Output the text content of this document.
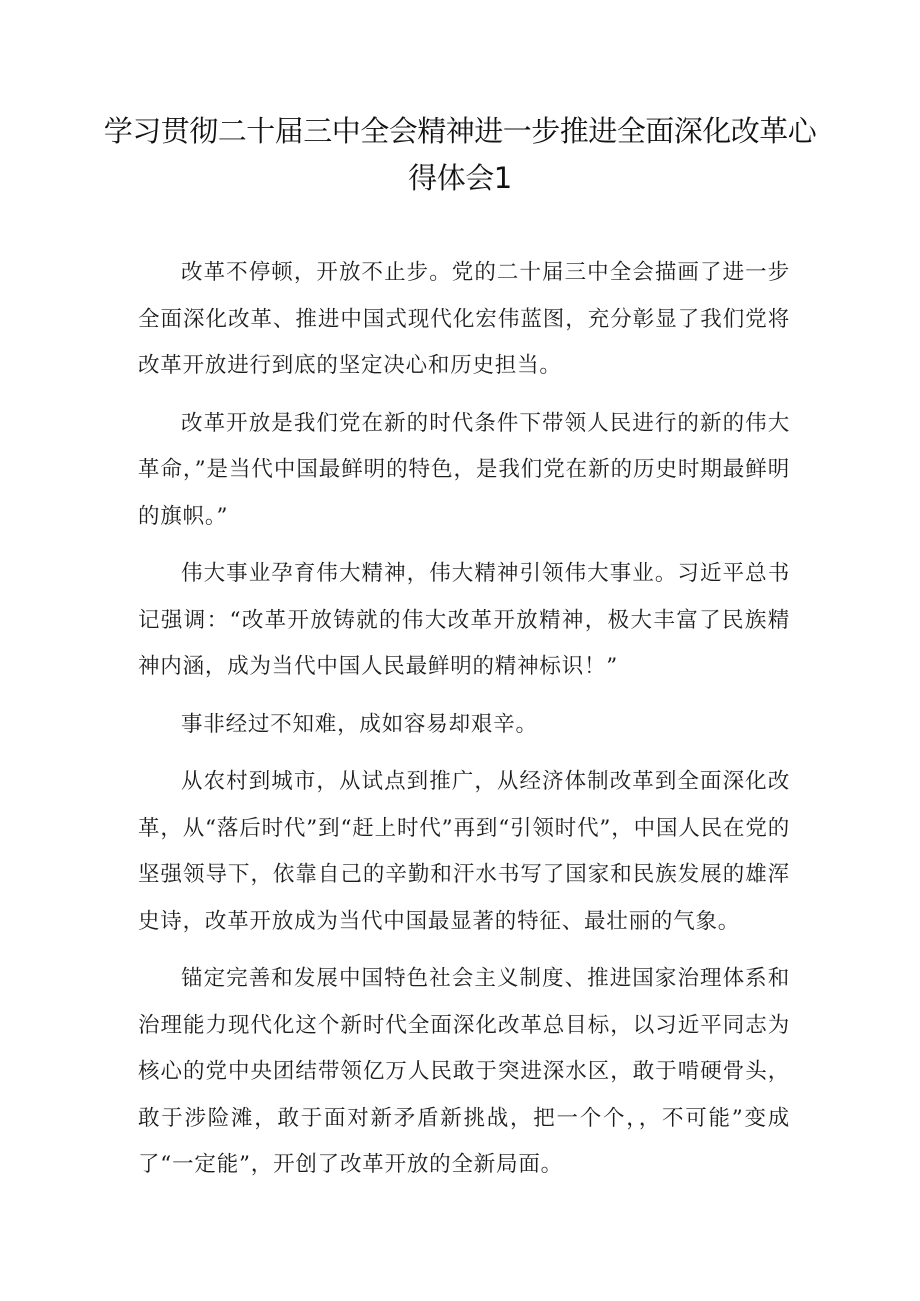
学习贯彻二十届三中全会精神进一步推进全面深化改革心得体会1

改革不停顿，开放不止步。党的二十届三中全会描画了进一步全面深化改革、推进中国式现代化宏伟蓝图，充分彰显了我们党将改革开放进行到底的坚定决心和历史担当。

改革开放是我们党在新的时代条件下带领人民进行的新的伟大革命，”是当代中国最鲜明的特色，是我们党在新的历史时期最鲜明的旗帜。”

伟大事业孕育伟大精神，伟大精神引领伟大事业。习近平总书记强调：“改革开放铸就的伟大改革开放精神，极大丰富了民族精神内涵，成为当代中国人民最鲜明的精神标识！”

事非经过不知难，成如容易却艰辛。

从农村到城市，从试点到推广，从经济体制改革到全面深化改革，从“落后时代”到“赶上时代”再到“引领时代”，中国人民在党的坚强领导下，依靠自己的辛勤和汗水书写了国家和民族发展的雄浑史诗，改革开放成为当代中国最显著的特征、最壮丽的气象。

锚定完善和发展中国特色社会主义制度、推进国家治理体系和治理能力现代化这个新时代全面深化改革总目标，以习近平同志为核心的党中央团结带领亿万人民敢于突进深水区，敢于啃硬骨头，敢于涉险滩，敢于面对新矛盾新挑战，把一个个，，不可能”变成了“一定能”，开创了改革开放的全新局面。
